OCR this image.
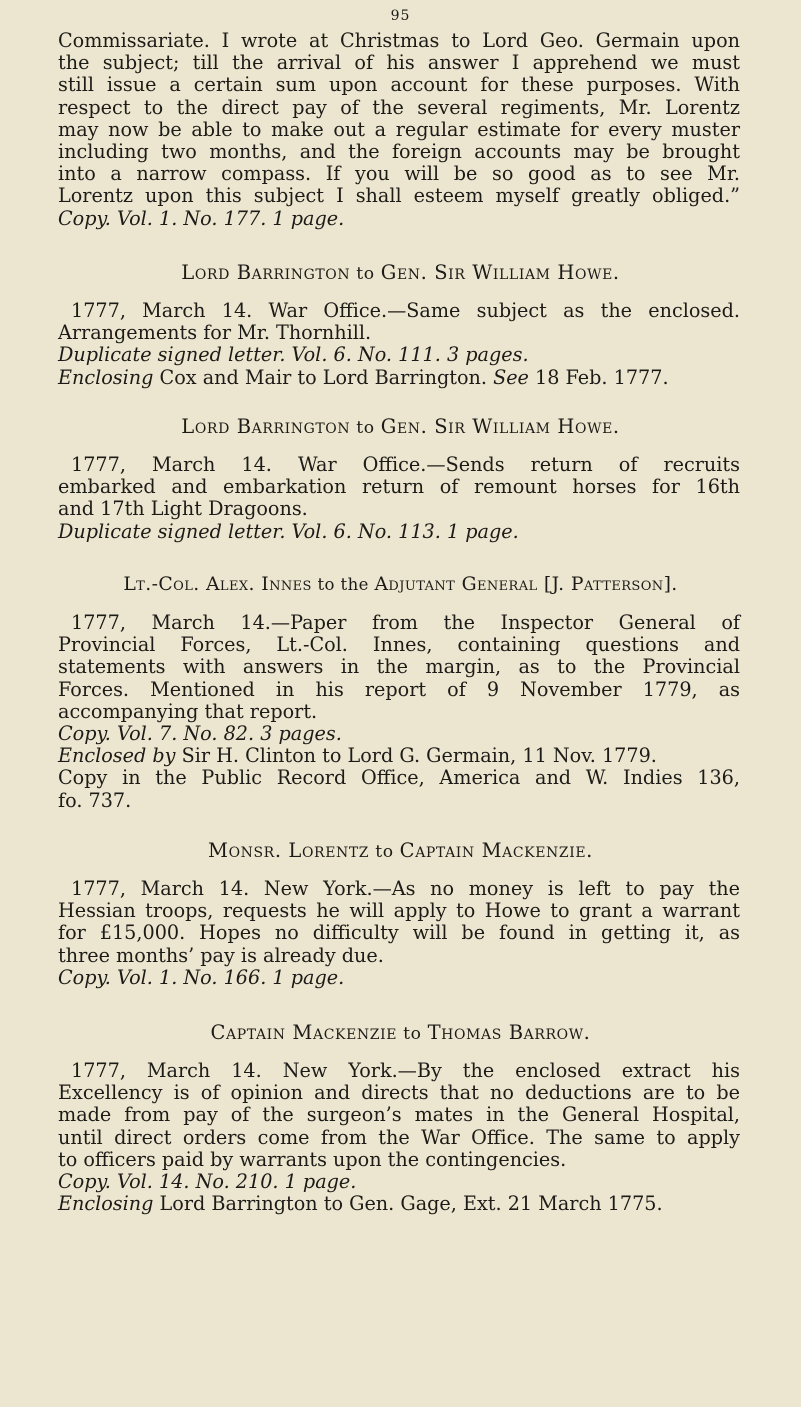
95
Commissariate. I wrote at Christmas to Lord Geo. Germain upon
the subject; till the arrival of his answer I apprehend we must
still issue a certain sum upon account for these purposes. With
respect to the direct pay of the several regiments, Mr. Lorentz
may now be able to make out a regular estimate for every muster
including two months, and the foreign accounts may be brought
into a narrow compass. If you will be so good as to see Mr.
Lorentz upon this subject I shall esteem myself greatly obliged.”
Copy. Vol. 1. No. 177. 1 page.
Lord Barrington to Gen. Sir William Howe.
1777, March 14. War Office.—Same subject as the enclosed.
Arrangements for Mr. Thornhill.
Duplicate signed letter. Vol. 6. No. 111. 3 pages.
Enclosing Cox and Mair to Lord Barrington. See 18 Feb. 1777.
Lord Barrington to Gen. Sir William Howe.
1777, March 14. War Office.—Sends return of recruits
embarked and embarkation return of remount horses for 16th
and 17th Light Dragoons.
Duplicate signed letter. Vol. 6. No. 113. 1 page.
Lt.-Col. Alex. Innes to the Adjutant General [J. Patterson].
1777, March 14.—Paper from the Inspector General of
Provincial Forces, Lt.-Col. Innes, containing questions and
statements with answers in the margin, as to the Provincial
Forces. Mentioned in his report of 9 November 1779, as
accompanying that report.
Copy. Vol. 7. No. 82. 3 pages.
Enclosed by Sir H. Clinton to Lord G. Germain, 11 Nov. 1779.
Copy in the Public Record Office, America and W. Indies 136,
fo. 737.
Monsr. Lorentz to Captain Mackenzie.
1777, March 14. New York.—As no money is left to pay the
Hessian troops, requests he will apply to Howe to grant a warrant
for £15,000. Hopes no difficulty will be found in getting it, as
three months’ pay is already due.
Copy. Vol. 1. No. 166. 1 page.
Captain Mackenzie to Thomas Barrow.
1777, March 14. New York.—By the enclosed extract his
Excellency is of opinion and directs that no deductions are to be
made from pay of the surgeon’s mates in the General Hospital,
until direct orders come from the War Office. The same to apply
to officers paid by warrants upon the contingencies.
Copy. Vol. 14. No. 210. 1 page.
Enclosing Lord Barrington to Gen. Gage, Ext. 21 March 1775.
